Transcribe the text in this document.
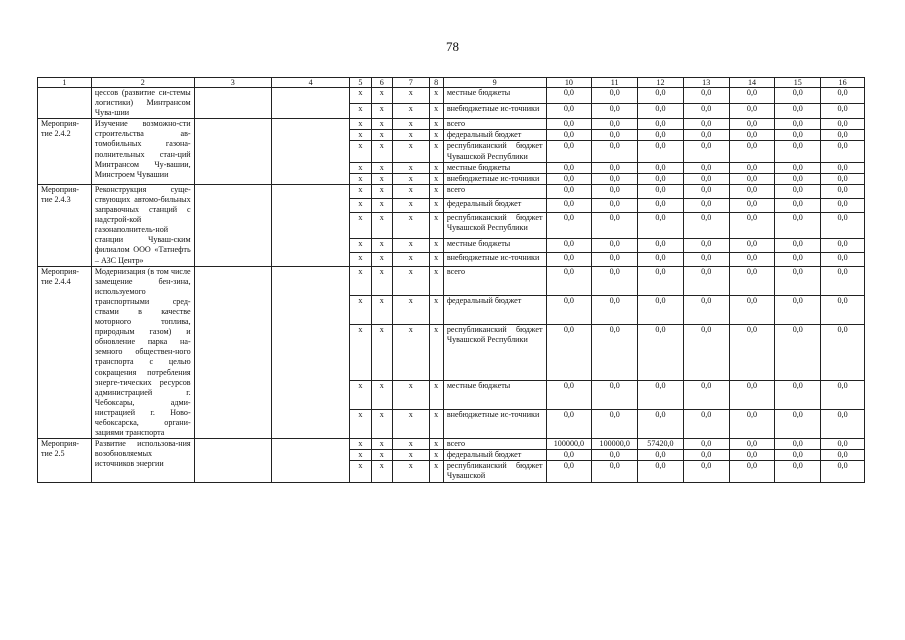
78
1	2	3	4	5	6	7	8	9	10	11	12	13	14	15	16
	цессов (развитие си-стемы логистики) Минтрансом Чува-шии			x	x	x	x	местные бюджеты	0,0	0,0	0,0	0,0	0,0	0,0	0,0
				x	x	x	x	внебюджетные ис-точники	0,0	0,0	0,0	0,0	0,0	0,0	0,0
Мероприя-тие 2.4.2	Изучение возможно-сти строительства ав-томобильных газона-полнительных стан-ций Минтрансом Чу-вашии, Минстроем Чувашии			x	x	x	x	всего	0,0	0,0	0,0	0,0	0,0	0,0	0,0
				x	x	x	x	федеральный бюджет	0,0	0,0	0,0	0,0	0,0	0,0	0,0
				x	x	x	x	республиканский бюджет Чувашской Республики	0,0	0,0	0,0	0,0	0,0	0,0	0,0
				x	x	x	x	местные бюджеты	0,0	0,0	0,0	0,0	0,0	0,0	0,0
				x	x	x	x	внебюджетные ис-точники	0,0	0,0	0,0	0,0	0,0	0,0	0,0
Мероприя-тие 2.4.3	Реконструкция суще-ствующих автомо-бильных заправочных станций с надстрой-кой газонаполнитель-ной станции Чуваш-ским филиалом ООО «Татнефть – АЗС Центр»			x	x	x	x	всего	0,0	0,0	0,0	0,0	0,0	0,0	0,0
				x	x	x	x	федеральный бюджет	0,0	0,0	0,0	0,0	0,0	0,0	0,0
				x	x	x	x	республиканский бюджет Чувашской Республики	0,0	0,0	0,0	0,0	0,0	0,0	0,0
				x	x	x	x	местные бюджеты	0,0	0,0	0,0	0,0	0,0	0,0	0,0
				x	x	x	x	внебюджетные ис-точники	0,0	0,0	0,0	0,0	0,0	0,0	0,0
Мероприя-тие 2.4.4	Модернизация (в том числе замещение бен-зина, используемого транспортными сред-ствами в качестве моторного топлива, природным газом) и обновление парка на-земного обществен-ного транспорта с целью сокращения потребления энерге-тических ресурсов администрацией г. Чебоксары, адми-нистрацией г. Ново-чебоксарска, органи-зациями транспорта			x	x	x	x	всего	0,0	0,0	0,0	0,0	0,0	0,0	0,0
				x	x	x	x	федеральный бюджет	0,0	0,0	0,0	0,0	0,0	0,0	0,0
				x	x	x	x	республиканский бюджет Чувашской Республики	0,0	0,0	0,0	0,0	0,0	0,0	0,0
				x	x	x	x	местные бюджеты	0,0	0,0	0,0	0,0	0,0	0,0	0,0
				x	x	x	x	внебюджетные ис-точники	0,0	0,0	0,0	0,0	0,0	0,0	0,0
Мероприя-тие 2.5	Развитие использова-ния возобновляемых источников энергии			x	x	x	x	всего	100000,0	100000,0	57420,0	0,0	0,0	0,0	0,0
				x	x	x	x	федеральный бюджет	0,0	0,0	0,0	0,0	0,0	0,0	0,0
				x	x	x	x	республиканский бюджет Чувашской	0,0	0,0	0,0	0,0	0,0	0,0	0,0
